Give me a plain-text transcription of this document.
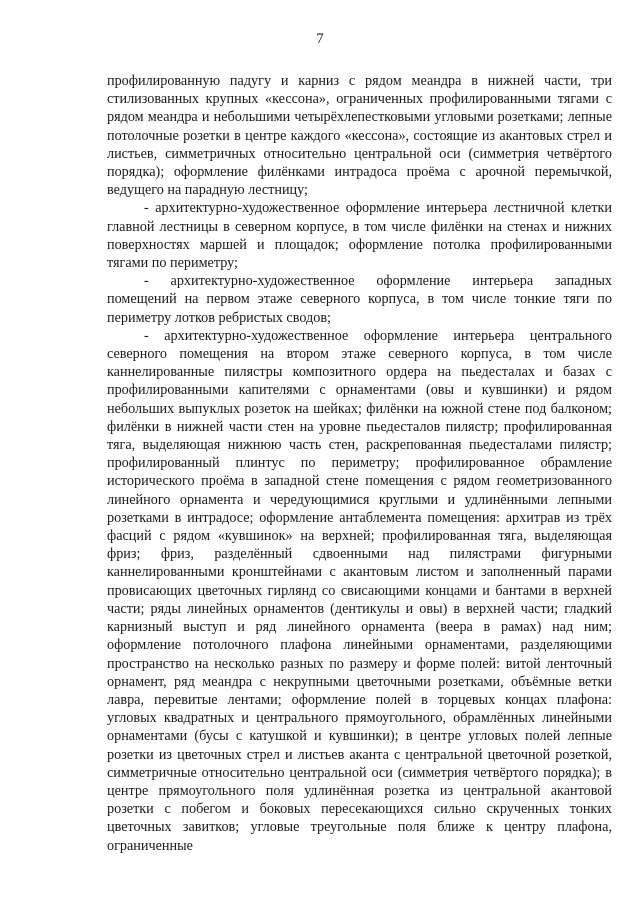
7

профилированную падугу и карниз с рядом меандра в нижней части, три стилизованных крупных «кессона», ограниченных профилированными тягами с рядом меандра и небольшими четырёхлепестковыми угловыми розетками; лепные потолочные розетки в центре каждого «кессона», состоящие из акантовых стрел и листьев, симметричных относительно центральной оси (симметрия четвёртого порядка); оформление филёнками интрадоса проёма с арочной перемычкой, ведущего на парадную лестницу;

- архитектурно-художественное оформление интерьера лестничной клетки главной лестницы в северном корпусе, в том числе филёнки на стенах и нижних поверхностях маршей и площадок; оформление потолка профилированными тягами по периметру;

- архитектурно-художественное оформление интерьера западных помещений на первом этаже северного корпуса, в том числе тонкие тяги по периметру лотков ребристых сводов;

- архитектурно-художественное оформление интерьера центрального северного помещения на втором этаже северного корпуса, в том числе каннелированные пилястры композитного ордера на пьедесталах и базах с профилированными капителями с орнаментами (овы и кувшинки) и рядом небольших выпуклых розеток на шейках; филёнки на южной стене под балконом; филёнки в нижней части стен на уровне пьедесталов пилястр; профилированная тяга, выделяющая нижнюю часть стен, раскрепованная пьедесталами пилястр; профилированный плинтус по периметру; профилированное обрамление исторического проёма в западной стене помещения с рядом геометризованного линейного орнамента и чередующимися круглыми и удлинёнными лепными розетками в интрадосе; оформление антаблемента помещения: архитрав из трёх фасций с рядом «кувшинок» на верхней; профилированная тяга, выделяющая фриз; фриз, разделённый сдвоенными над пилястрами фигурными каннелированными кронштейнами с акантовым листом и заполненный парами провисающих цветочных гирлянд со свисающими концами и бантами в верхней части; ряды линейных орнаментов (дентикулы и овы) в верхней части; гладкий карнизный выступ и ряд линейного орнамента (веера в рамах) над ним; оформление потолочного плафона линейными орнаментами, разделяющими пространство на несколько разных по размеру и форме полей: витой ленточный орнамент, ряд меандра с некрупными цветочными розетками, объёмные ветки лавра, перевитые лентами; оформление полей в торцевых концах плафона: угловых квадратных и центрального прямоугольного, обрамлённых линейными орнаментами (бусы с катушкой и кувшинки); в центре угловых полей лепные розетки из цветочных стрел и листьев аканта с центральной цветочной розеткой, симметричные относительно центральной оси (симметрия четвёртого порядка); в центре прямоугольного поля удлинённая розетка из центральной акантовой розетки с побегом и боковых пересекающихся сильно скрученных тонких цветочных завитков; угловые треугольные поля ближе к центру плафона, ограниченные
